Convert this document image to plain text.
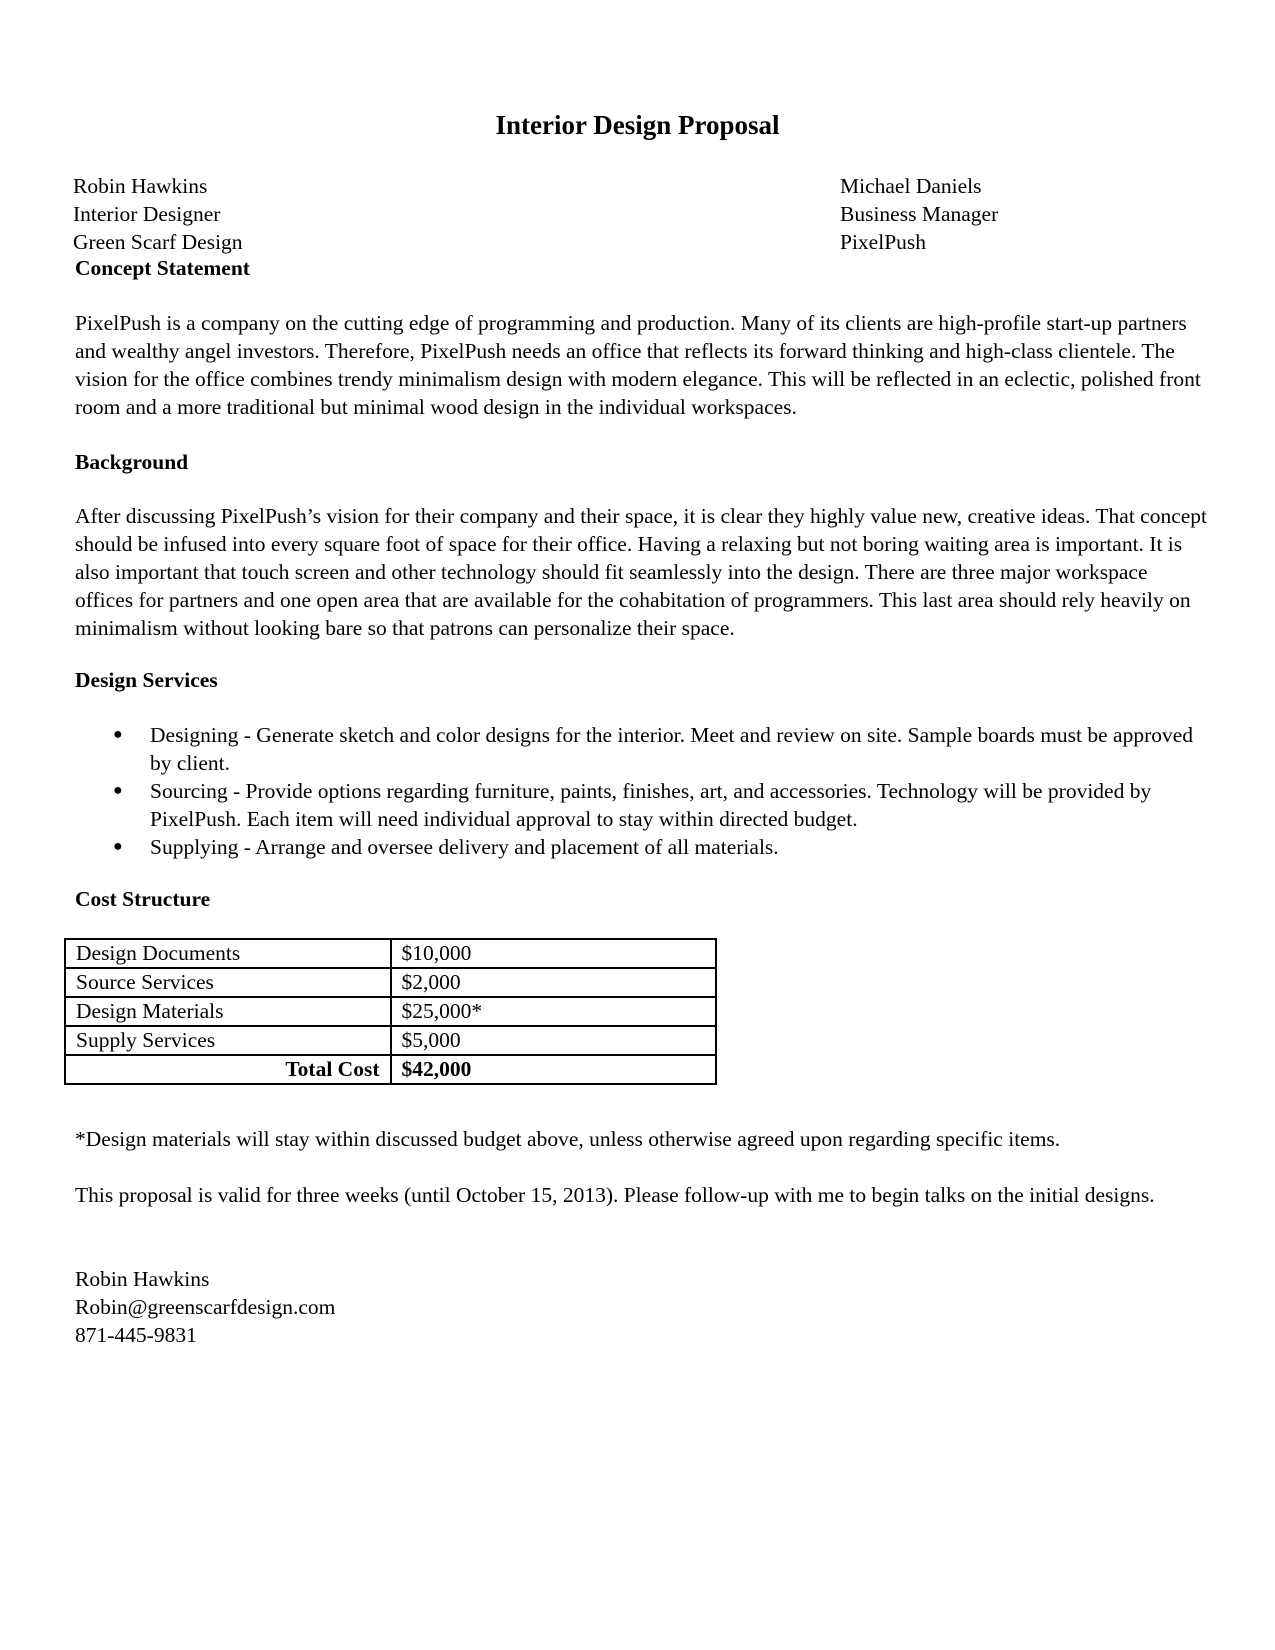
Interior Design Proposal
Robin Hawkins
Interior Designer
Green Scarf Design
Michael Daniels
Business Manager
PixelPush
Concept Statement

PixelPush is a company on the cutting edge of programming and production. Many of its clients are high-profile start-up partners and wealthy angel investors. Therefore, PixelPush needs an office that reflects its forward thinking and high-class clientele. The vision for the office combines trendy minimalism design with modern elegance. This will be reflected in an eclectic, polished front room and a more traditional but minimal wood design in the individual workspaces.

Background

After discussing PixelPush’s vision for their company and their space, it is clear they highly value new, creative ideas. That concept should be infused into every square foot of space for their office. Having a relaxing but not boring waiting area is important. It is also important that touch screen and other technology should fit seamlessly into the design. There are three major workspace offices for partners and one open area that are available for the cohabitation of programmers. This last area should rely heavily on minimalism without looking bare so that patrons can personalize their space.

Design Services
● Designing - Generate sketch and color designs for the interior. Meet and review on site. Sample boards must be approved by client.
● Sourcing - Provide options regarding furniture, paints, finishes, art, and accessories. Technology will be provided by PixelPush. Each item will need individual approval to stay within directed budget.
● Supplying - Arrange and oversee delivery and placement of all materials.
Cost Structure
Design Documents	$10,000
Source Services	$2,000
Design Materials	$25,000*
Supply Services	$5,000
Total Cost	$42,000
*Design materials will stay within discussed budget above, unless otherwise agreed upon regarding specific items.
This proposal is valid for three weeks (until October 15, 2013). Please follow-up with me to begin talks on the initial designs.
Robin Hawkins
Robin@greenscarfdesign.com
871-445-9831
